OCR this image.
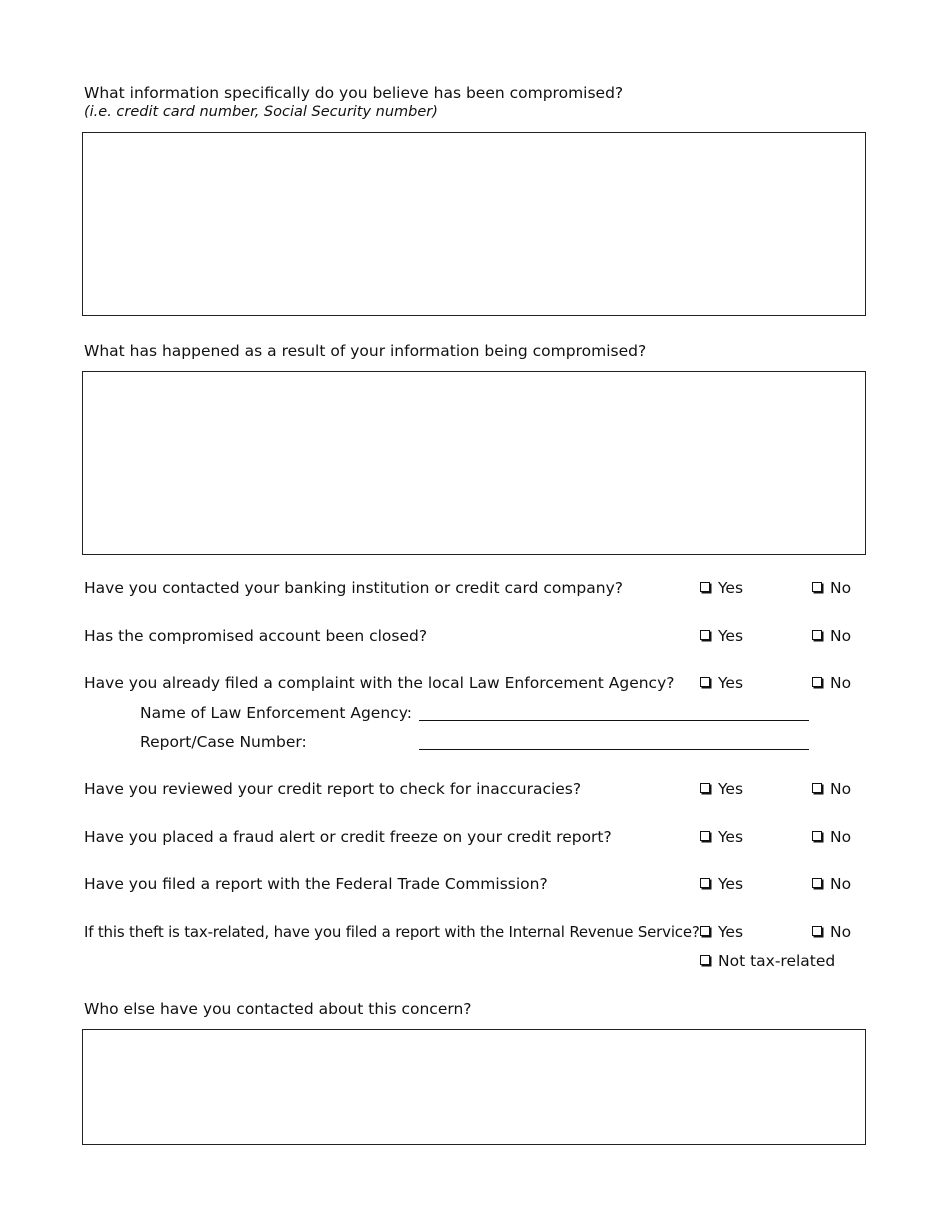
What information specifically do you believe has been compromised?
(i.e. credit card number, Social Security number)
What has happened as a result of your information being compromised?
Have you contacted your banking institution or credit card company?	Yes	No
Has the compromised account been closed?	Yes	No
Have you already filed a complaint with the local Law Enforcement Agency?	Yes	No
Name of Law Enforcement Agency:
Report/Case Number:
Have you reviewed your credit report to check for inaccuracies?	Yes	No
Have you placed a fraud alert or credit freeze on your credit report?	Yes	No
Have you filed a report with the Federal Trade Commission?	Yes	No
If this theft is tax-related, have you filed a report with the Internal Revenue Service? Yes	No
Not tax-related
Who else have you contacted about this concern?
